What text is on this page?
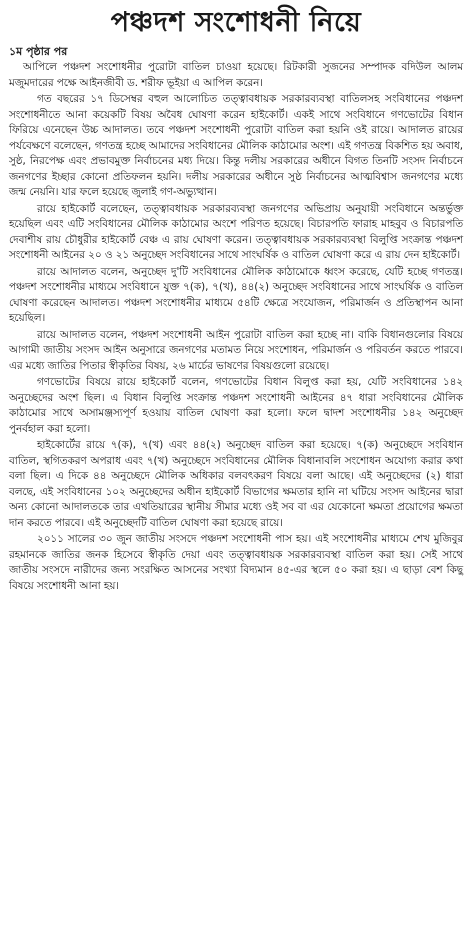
পঞ্চদশ সংশোধনী নিয়ে
১ম পৃষ্ঠার পর

আপিলে পঞ্চদশ সংশোধনীর পুরোটা বাতিল চাওয়া হয়েছে। রিটকারী সুজনের সম্পাদক বদিউল আলম মজুমদারের পক্ষে আইনজীবী ড. শরীফ ভূইয়া এ আপিল করেন।

গত বছরের ১৭ ডিসেম্বর বহুল আলোচিত তত্ত্বাবধায়ক সরকারব্যবস্থা বাতিলসহ সংবিধানের পঞ্চদশ সংশোধনীতে আনা কয়েকটি বিষয় অবৈধ ঘোষণা করেন হাইকোর্ট। একই সাথে সংবিধানে গণভোটের বিধান ফিরিয়ে এনেছেন উচ্চ আদালত। তবে পঞ্চদশ সংশোধনী পুরোটা বাতিল করা হয়নি ওই রায়ে। আদালত রায়ের পর্যবেক্ষণে বলেছেন, গণতন্ত্র হচ্ছে আমাদের সংবিধানের মৌলিক কাঠামোর অংশ। এই গণতন্ত্র বিকশিত হয় অবাধ, সুষ্ঠ, নিরপেক্ষ এবং প্রভাবমুক্ত নির্বাচনের মধ্য দিয়ে। কিন্তু দলীয় সরকারের অধীনে বিগত তিনটি সংসদ নির্বাচনে জনগণের ইচ্ছার কোনো প্রতিফলন হয়নি। দলীয় সরকারের অধীনে সুষ্ঠ নির্বাচনের আত্মবিশ্বাস জনগণের মধ্যে জন্ম নেয়নি। যার ফলে হয়েছে জুলাই গণ-অভ্যুত্থান।

রায়ে হাইকোর্ট বলেছেন, তত্ত্বাবধায়ক সরকারব্যবস্থা জনগণের অভিপ্রায় অনুযায়ী সংবিধানে অন্তর্ভুক্ত হয়েছিল এবং এটি সংবিধানের মৌলিক কাঠামোর অংশে পরিণত হয়েছে। বিচারপতি ফারাহ মাহবুব ও বিচারপতি দেবাশীষ রায় চৌধুরীর হাইকোর্ট বেঞ্চ এ রায় ঘোষণা করেন। তত্ত্বাবধায়ক সরকারব্যবস্থা বিলুপ্তি সংক্রান্ত পঞ্চদশ সংশোধনী আইনের ২০ ও ২১ অনুচ্ছেদ সংবিধানের সাথে সাংঘর্ষিক ও বাতিল ঘোষণা করে এ রায় দেন হাইকোর্ট।

রায়ে আদালত বলেন, অনুচ্ছেদ দু'টি সংবিধানের মৌলিক কাঠামোকে ধ্বংস করেছে, যেটি হচ্ছে গণতন্ত্র। পঞ্চদশ সংশোধনীর মাধ্যমে সংবিধানে যুক্ত ৭(ক), ৭(খ), ৪৪(২) অনুচ্ছেদ সংবিধানের সাথে সাংঘর্ষিক ও বাতিল ঘোষণা করেছেন আদালত। পঞ্চদশ সংশোধনীর মাধ্যমে ৫৪টি ক্ষেত্রে সংযোজন, পরিমার্জন ও প্রতিস্থাপন আনা হয়েছিল।

রায়ে আদালত বলেন, পঞ্চদশ সংশোধনী আইন পুরোটা বাতিল করা হচ্ছে না। বাকি বিধানগুলোর বিষয়ে আগামী জাতীয় সংসদ আইন অনুসারে জনগণের মতামত নিয়ে সংশোধন, পরিমার্জন ও পরিবর্তন করতে পারবে। এর মধ্যে জাতির পিতার স্বীকৃতির বিষয়, ২৬ মার্চের ভাষণের বিষয়গুলো রয়েছে।

গণভোটের বিষয়ে রায়ে হাইকোর্ট বলেন, গণভোটের বিধান বিলুপ্ত করা হয়, যেটি সংবিধানের ১৪২ অনুচ্ছেদের অংশ ছিল। এ বিধান বিলুপ্তি সংক্রান্ত পঞ্চদশ সংশোধনী আইনের ৪৭ ধারা সংবিধানের মৌলিক কাঠামোর সাথে অসামঞ্জস্যপূর্ণ হওয়ায় বাতিল ঘোষণা করা হলো। ফলে দ্বাদশ সংশোধনীর ১৪২ অনুচ্ছেদ পুনর্বহাল করা হলো।

হাইকোর্টের রায়ে ৭(ক), ৭(খ) এবং ৪৪(২) অনুচ্ছেদ বাতিল করা হয়েছে। ৭(ক) অনুচ্ছেদে সংবিধান বাতিল, স্থগিতকরণ অপরাধ এবং ৭(খ) অনুচ্ছেদে সংবিধানের মৌলিক বিধানাবলি সংশোধন অযোগ্য করার কথা বলা ছিল। এ দিকে ৪৪ অনুচ্ছেদে মৌলিক অধিকার বলবৎকরণ বিষয়ে বলা আছে। এই অনুচ্ছেদের (২) ধারা বলছে, এই সংবিধানের ১০২ অনুচ্ছেদের অধীন হাইকোর্ট বিভাগের ক্ষমতার হানি না ঘটিয়ে সংসদ আইনের দ্বারা অন্য কোনো আদালতকে তার এখতিয়ারের স্থানীয় সীমার মধ্যে ওই সব বা এর যেকোনো ক্ষমতা প্রয়োগের ক্ষমতা দান করতে পারবে। এই অনুচ্ছেদটি বাতিল ঘোষণা করা হয়েছে রায়ে।

২০১১ সালের ৩০ জুন জাতীয় সংসদে পঞ্চদশ সংশোধনী পাস হয়। এই সংশোধনীর মাধ্যমে শেখ মুজিবুর রহমানকে জাতির জনক হিসেবে স্বীকৃতি দেয়া এবং তত্ত্বাবধায়ক সরকারব্যবস্থা বাতিল করা হয়। সেই সাথে জাতীয় সংসদে নারীদের জন্য সংরক্ষিত আসনের সংখ্যা বিদ্যমান ৪৫-এর স্থলে ৫০ করা হয়। এ ছাড়া বেশ কিছু বিষয়ে সংশোধনী আনা হয়।
